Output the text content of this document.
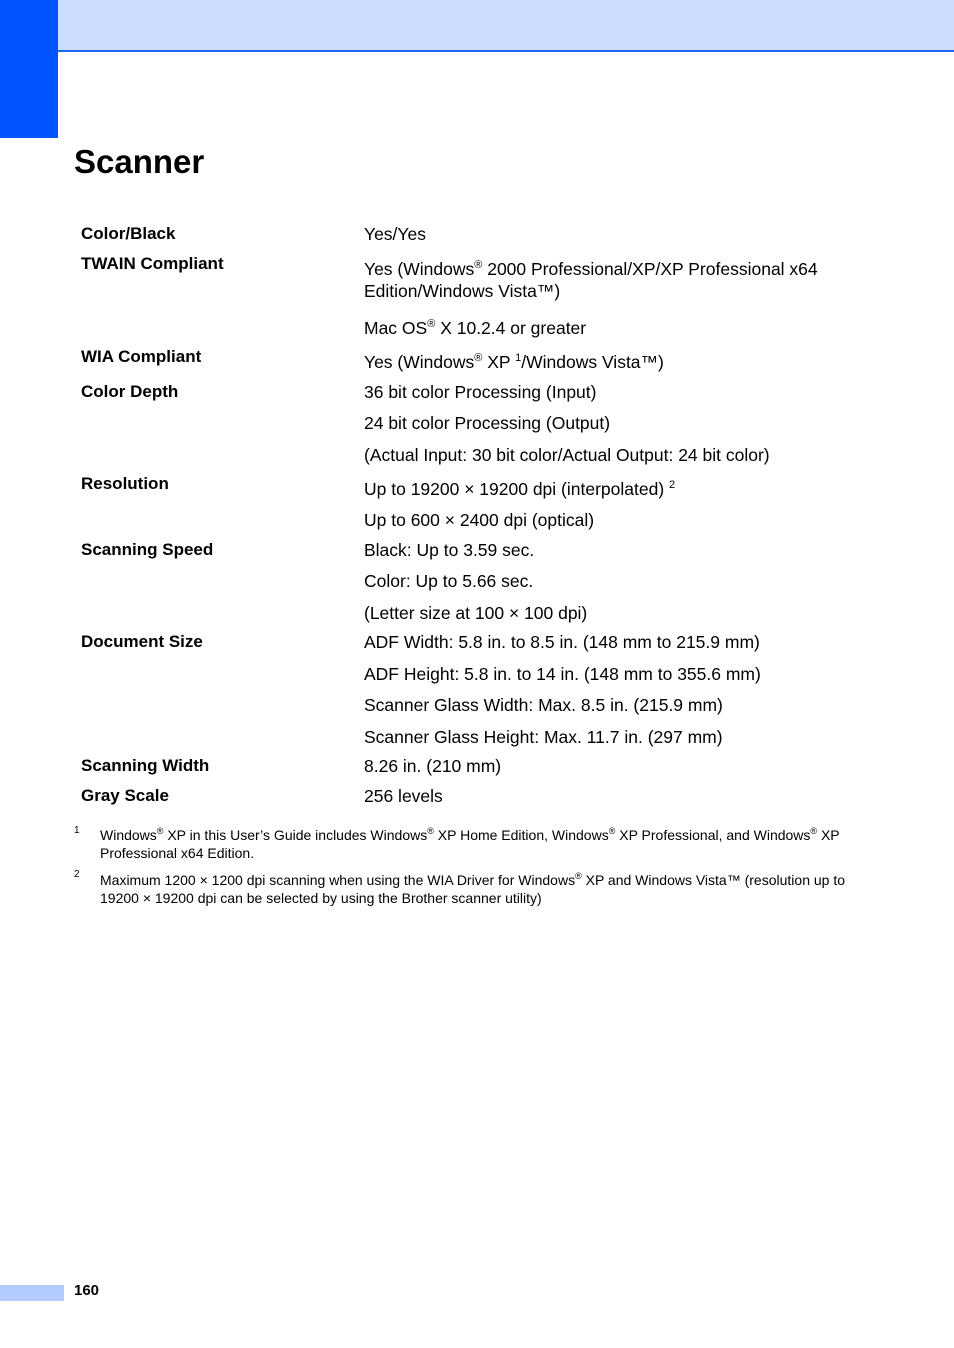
Scanner
Color/Black	Yes/Yes
TWAIN Compliant	Yes (Windows® 2000 Professional/XP/XP Professional x64 Edition/Windows Vista™)
Mac OS® X 10.2.4 or greater
WIA Compliant	Yes (Windows® XP $^1$/Windows Vista™)
Color Depth	36 bit color Processing (Input)
24 bit color Processing (Output)
(Actual Input: 30 bit color/Actual Output: 24 bit color)
Resolution	Up to 19200 × 19200 dpi (interpolated) $^2$
Up to 600 × 2400 dpi (optical)
Scanning Speed	Black: Up to 3.59 sec.
Color: Up to 5.66 sec.
(Letter size at 100 × 100 dpi)
Document Size	ADF Width: 5.8 in. to 8.5 in. (148 mm to 215.9 mm)
ADF Height: 5.8 in. to 14 in. (148 mm to 355.6 mm)
Scanner Glass Width: Max. 8.5 in. (215.9 mm)
Scanner Glass Height: Max. 11.7 in. (297 mm)
Scanning Width	8.26 in. (210 mm)
Gray Scale	256 levels
1 Windows® XP in this User’s Guide includes Windows® XP Home Edition, Windows® XP Professional, and Windows® XP Professional x64 Edition.
2 Maximum 1200 × 1200 dpi scanning when using the WIA Driver for Windows® XP and Windows Vista™ (resolution up to 19200 × 19200 dpi can be selected by using the Brother scanner utility)
160
